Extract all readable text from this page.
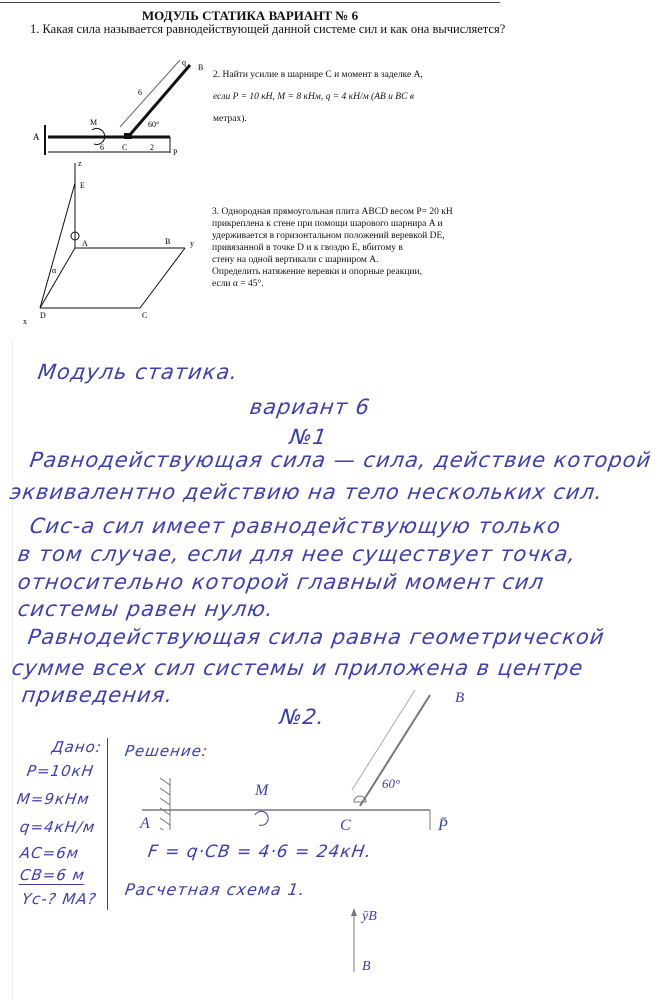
МОДУЛЬ СТАТИКА ВАРИАНТ № 6
1. Какая сила называется равнодействующей данной системе сил и как она вычисляется?
A
M
C
6	2
P
60°
6
q
B
2. Найти усилие в шарнире C и момент в заделке A,
если P = 10 кН, M = 8 кНм, q = 4 кН/м (AB и BC в
метрах).
z
E
A	B y
α
D	C
x
3. Однородная прямоугольная плита ABCD весом P= 20 кН
прикреплена к стене при помощи шарового шарнира A и
удерживается в горизонтальном положений веревкой DE,
привязанной в точке D и к гвоздю E, вбитому в
стену на одной вертикали с шарниром A.
Определить натяжение веревки и опорные реакции,
если α = 45°.
Модуль статика.
вариант 6
№1
Равнодействующая сила — сила, действие которой
эквивалентно действию на тело нескольких сил.
Сис-а сил имеет равнодействующую только
в том случае, если для нее существует точка,
относительно которой главный момент сил
системы равен нулю.
Равнодействующая сила равна геометрической
сумме всех сил системы и приложена в центре
приведения.
№2.
Дано:
P=10кН
M=9кНм
q=4кН/м
AC=6м
CB=6 м
Yc-? MA?
Решение:
M
A	C	P̄
60°
B
F = q·CB = 4·6 = 24кН.
Расчетная схема 1.
ȳB
B
